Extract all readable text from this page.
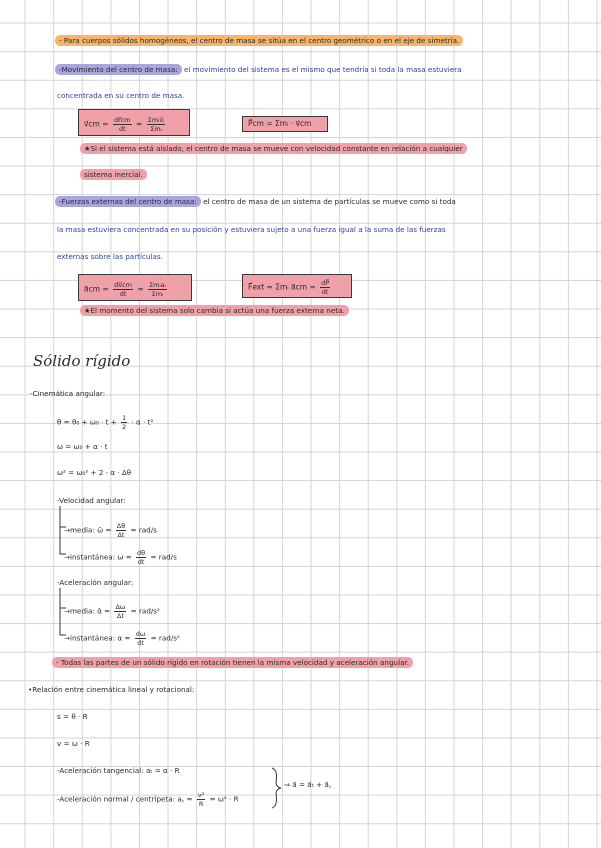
- Para cuerpos sólidos homogéneos, el centro de masa se sitúa en el centro geométrico o en el eje de simetría.
-Movimiento del centro de masa: el movimiento del sistema es el mismo que tendría si toda la masa estuviera
concentrada en su centro de masa.
v⃗cm = $\frac{dr⃗cm}{dt} = \frac{\text{Σmᵢv⃗ᵢ}}{\text{Σmᵢ}}$	P⃗cm = Σmᵢ · v⃗cm
★Si el sistema está aislado, el centro de masa se mueve con velocidad constante en relación a cualquier
sistema inercial.
-Fuerzas externas del centro de masa: el centro de masa de un sistema de partículas se mueve como si toda
la masa estuviera concentrada en su posición y estuviera sujeto a una fuerza igual a la suma de las fuerzas
externas sobre las partículas.
a⃗cm = $\frac{dv⃗cm}{dt} = \frac{\text{Σmᵢaᵢ}}{\text{Σmᵢ}}$	F⃗ext = Σmᵢ a⃗cm = $\frac{dP⃗}{dt}$
★El momento del sistema solo cambia si actúa una fuerza externa neta.
Sólido rígido
-Cinemática angular:
$\theta = \theta_0 + \omega_0 \cdot t + \frac{1}{2} \cdot \alpha \cdot t^2$
ω = ω₀ + α · t
ω² = ω₀² + 2 · α · Δθ
-Velocidad angular:
→media: ω̄ = $\frac{\Delta\theta}{\Delta t} = rad/s$
→instantánea: $\omega = \frac{d\theta}{dt} = rad/s$
-Aceleración angular:
→media: ᾱ = $\frac{\Delta\omega}{\Delta t} = rad/s^2$
→instantánea: $\alpha = \frac{d\omega}{dt} = rad/s^2$
- Todas las partes de un sólido rígido en rotación tienen la misma velocidad y aceleración angular.
•Relación entre cinemática lineal y rotacional:
s = θ · R
v = ω · R
-Aceleración tangencial: aₜ = α · R
-Aceleración normal / centrípeta: a꜀ = $\frac{\text{v²}}{R} = \omega^2 \cdot R$
⇒ a⃗ = a⃗ₜ + a⃗꜀
